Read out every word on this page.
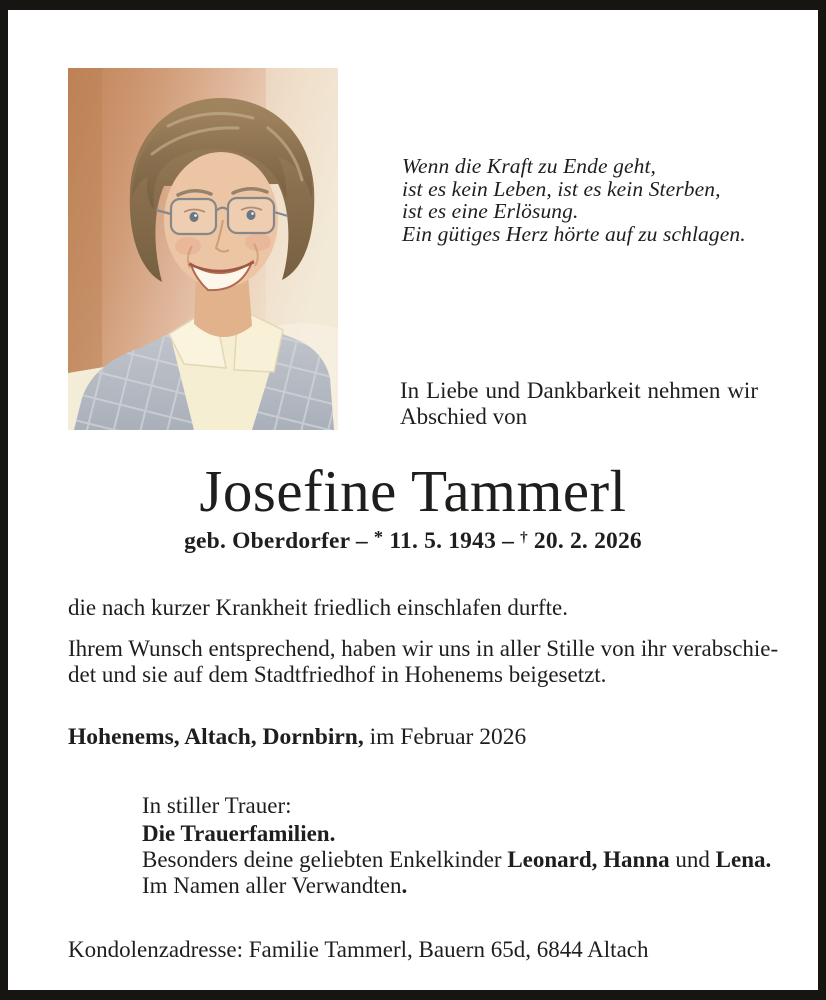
Wenn die Kraft zu Ende geht,
ist es kein Leben, ist es kein Sterben,
ist es eine Erlösung.
Ein gütiges Herz hörte auf zu schlagen.
In Liebe und Dankbarkeit nehmen wir
Abschied von
Josefine Tammerl
geb. Oberdorfer – * 11. 5. 1943 – † 20. 2. 2026
die nach kurzer Krankheit friedlich einschlafen durfte.
Ihrem Wunsch entsprechend, haben wir uns in aller Stille von ihr verabschie-
det und sie auf dem Stadtfriedhof in Hohenems beigesetzt.
Hohenems, Altach, Dornbirn, im Februar 2026
In stiller Trauer:
Die Trauerfamilien.
Besonders deine geliebten Enkelkinder Leonard, Hanna und Lena.
Im Namen aller Verwandten.
Kondolenzadresse: Familie Tammerl, Bauern 65d, 6844 Altach
